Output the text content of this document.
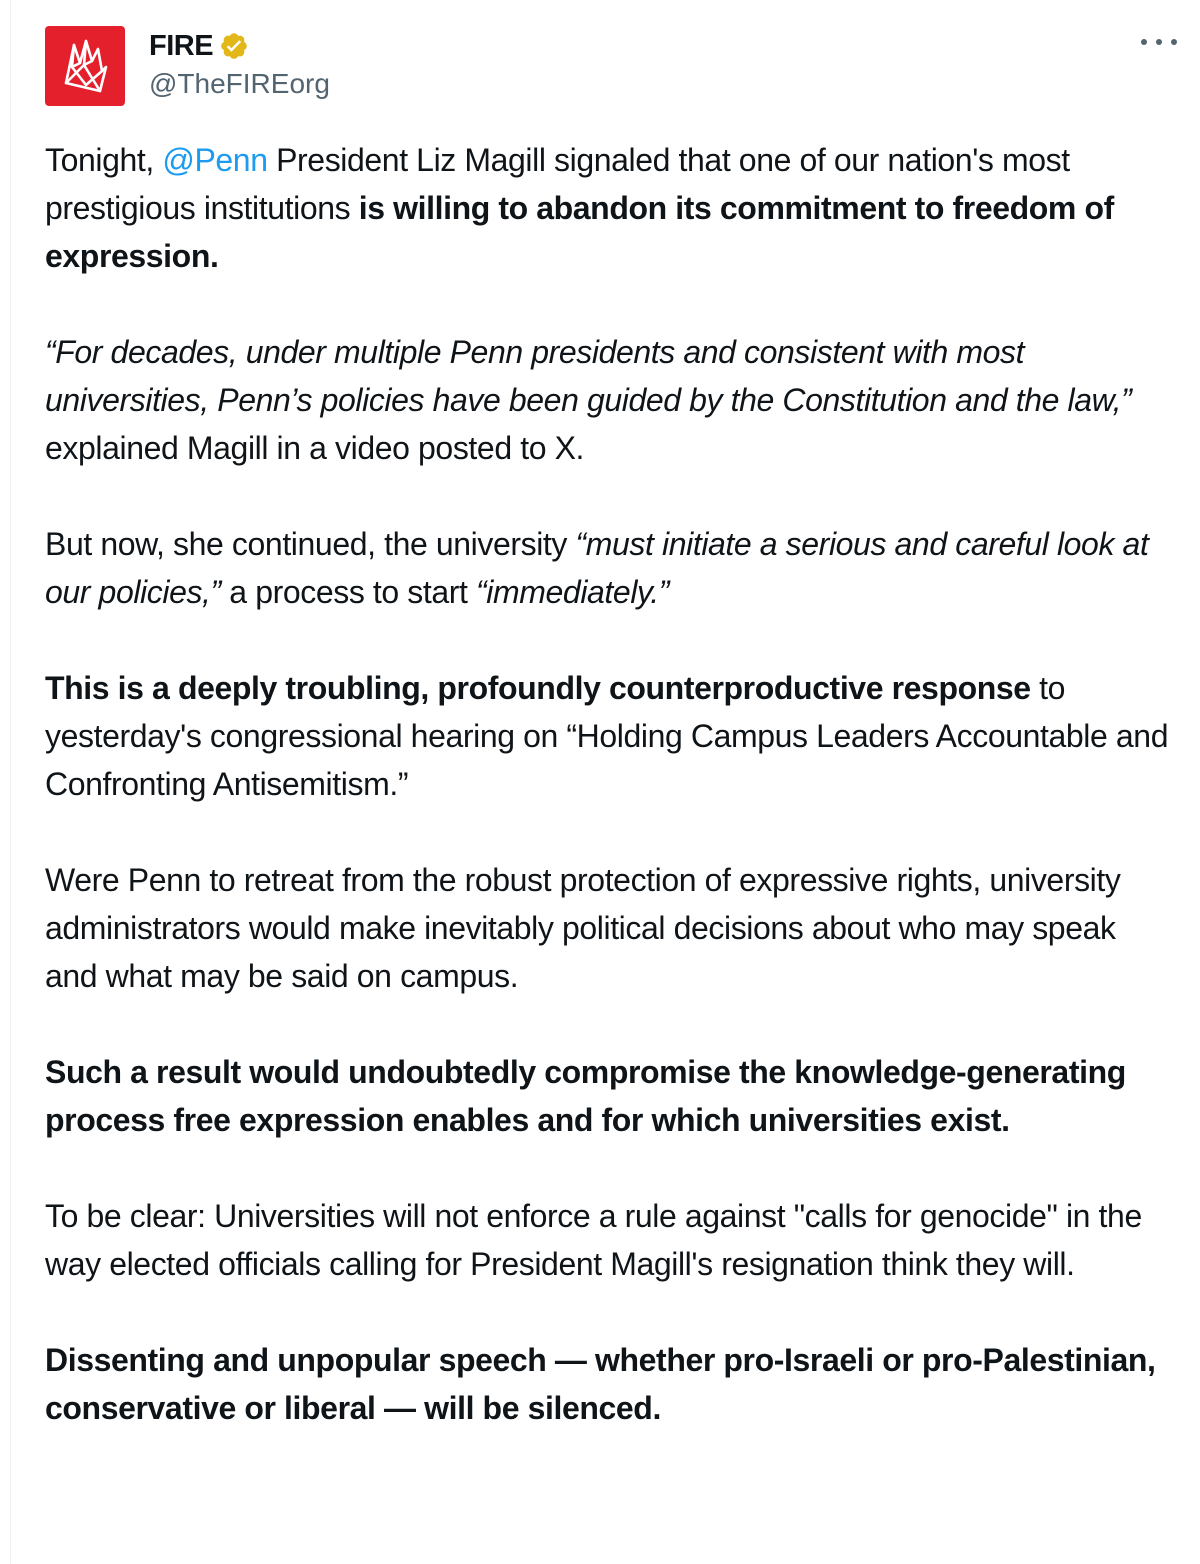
FIRE
@TheFIREorg

Tonight, @Penn President Liz Magill signaled that one of our nation's most prestigious institutions is willing to abandon its commitment to freedom of expression.

“For decades, under multiple Penn presidents and consistent with most universities, Penn’s policies have been guided by the Constitution and the law,” explained Magill in a video posted to X.

But now, she continued, the university “must initiate a serious and careful look at our policies,” a process to start “immediately.”

This is a deeply troubling, profoundly counterproductive response to yesterday's congressional hearing on “Holding Campus Leaders Accountable and Confronting Antisemitism.”

Were Penn to retreat from the robust protection of expressive rights, university administrators would make inevitably political decisions about who may speak and what may be said on campus.

Such a result would undoubtedly compromise the knowledge-generating process free expression enables and for which universities exist.

To be clear: Universities will not enforce a rule against "calls for genocide" in the way elected officials calling for President Magill's resignation think they will.

Dissenting and unpopular speech — whether pro-Israeli or pro-Palestinian, conservative or liberal — will be silenced.
